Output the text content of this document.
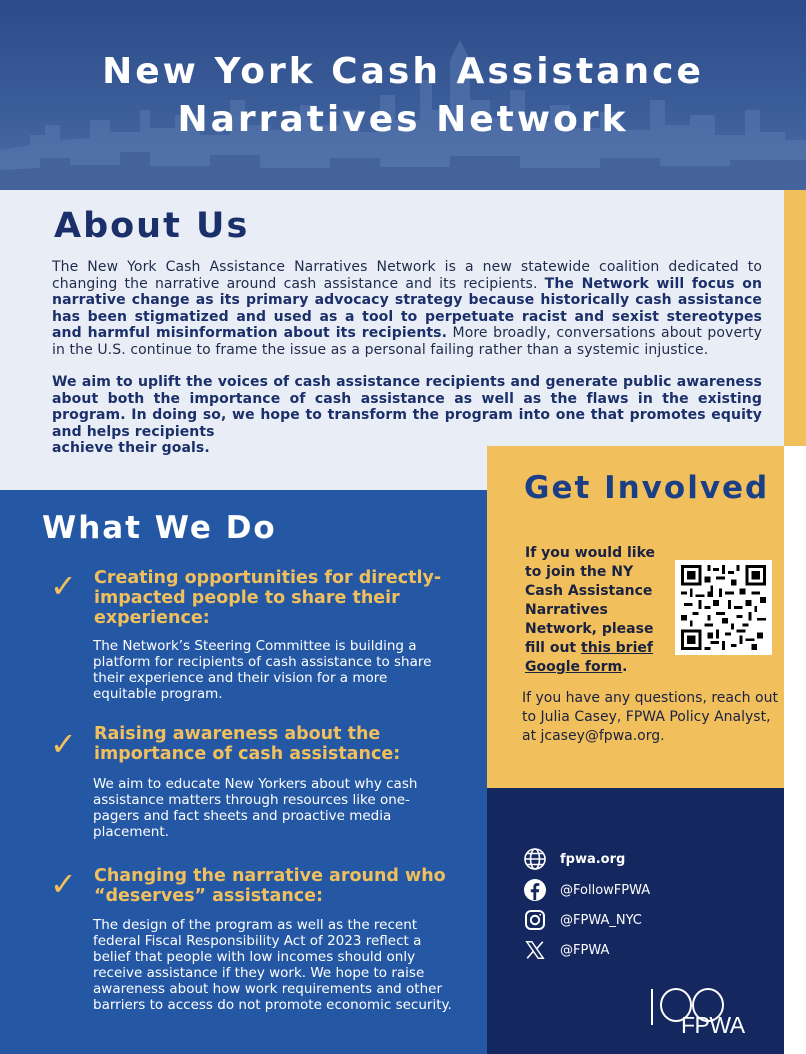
New York Cash Assistance
Narratives Network
About Us
The New York Cash Assistance Narratives Network is a new statewide coalition dedicated to changing the narrative around cash assistance and its recipients. The Network will focus on narrative change as its primary advocacy strategy because historically cash assistance has been stigmatized and used as a tool to perpetuate racist and sexist stereotypes and harmful misinformation about its recipients. More broadly, conversations about poverty in the U.S. continue to frame the issue as a personal failing rather than a systemic injustice.
We aim to uplift the voices of cash assistance recipients and generate public awareness about both the importance of cash assistance as well as the flaws in the existing program. In doing so, we hope to transform the program into one that promotes equity and helps recipients
achieve their goals.
What We Do
✓ Creating opportunities for directly-impacted people to share their experience:
The Network’s Steering Committee is building a platform for recipients of cash assistance to share their experience and their vision for a more equitable program.
✓ Raising awareness about the importance of cash assistance:
We aim to educate New Yorkers about why cash assistance matters through resources like one-pagers and fact sheets and proactive media placement.
✓ Changing the narrative around who “deserves” assistance:
The design of the program as well as the recent federal Fiscal Responsibility Act of 2023 reflect a belief that people with low incomes should only receive assistance if they work. We hope to raise awareness about how work requirements and other barriers to access do not promote economic security.
Get Involved
If you would like to join the NY Cash Assistance Narratives Network, please fill out this brief Google form.
If you have any questions, reach out to Julia Casey, FPWA Policy Analyst, at jcasey@fpwa.org.
fpwa.org
@FollowFPWA
@FPWA_NYC
@FPWA
FPWA
